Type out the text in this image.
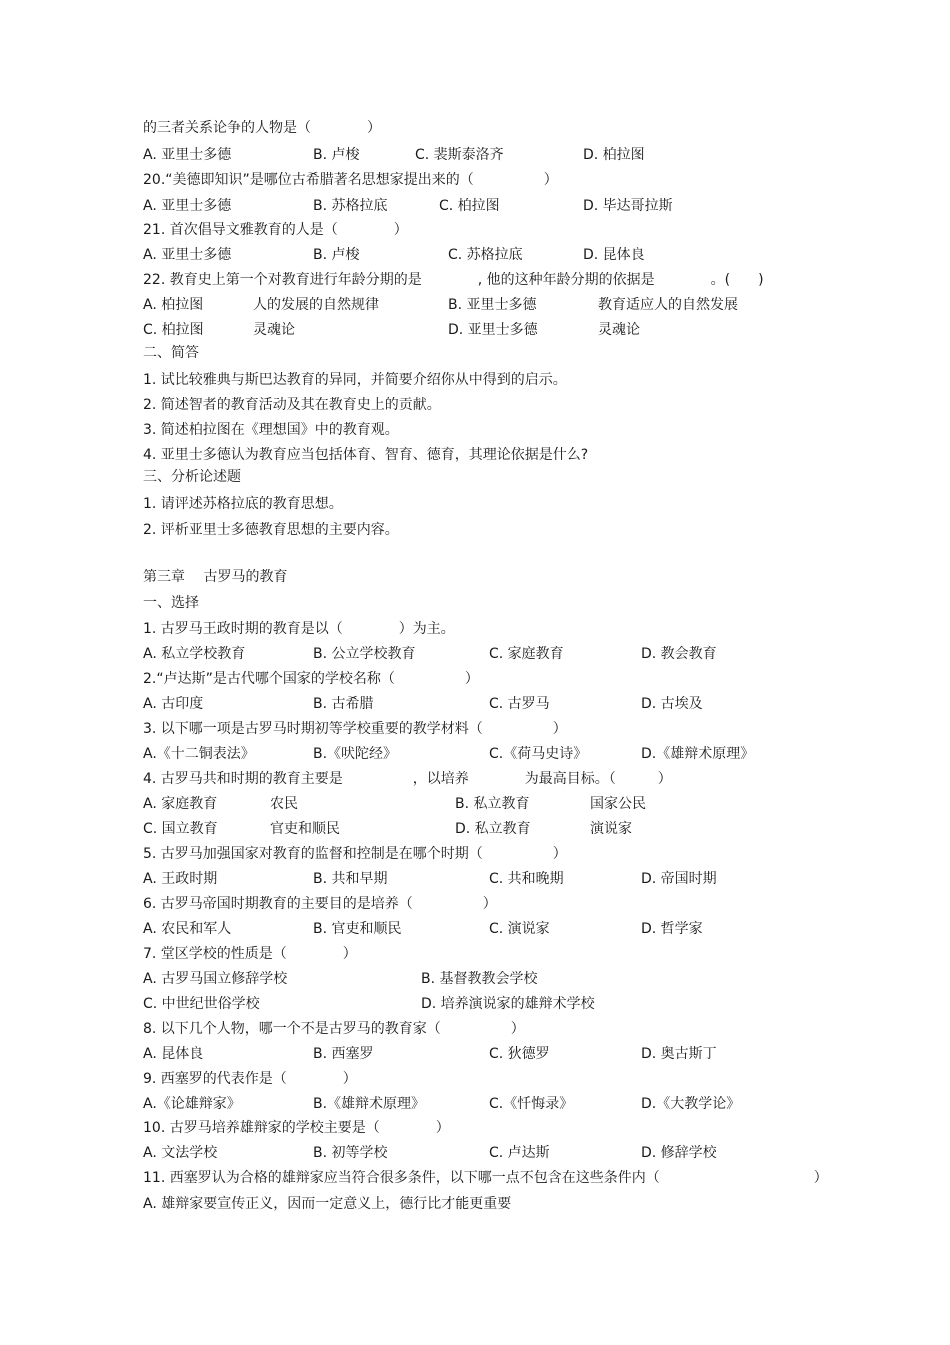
的三者关系论争的人物是（　　　　）
A. 亚里士多德	B. 卢梭	C. 裴斯泰洛齐	D. 柏拉图
20.“美德即知识”是哪位古希腊著名思想家提出来的（　　　　　）
A. 亚里士多德	B. 苏格拉底	C. 柏拉图	D. 毕达哥拉斯
21. 首次倡导文雅教育的人是（　　　　）
A. 亚里士多德	B. 卢梭	C. 苏格拉底	D. 昆体良
22. 教育史上第一个对教育进行年龄分期的是　　　　, 他的这种年龄分期的依据是　　　　。(　　)
A. 柏拉图	人的发展的自然规律	B. 亚里士多德	教育适应人的自然发展
C. 柏拉图	灵魂论	D. 亚里士多德	灵魂论
二、简答
1. 试比较雅典与斯巴达教育的异同，并简要介绍你从中得到的启示。
2. 简述智者的教育活动及其在教育史上的贡献。
3. 简述柏拉图在《理想国》中的教育观。
4. 亚里士多德认为教育应当包括体育、智育、德育，其理论依据是什么?
三、分析论述题
1. 请评述苏格拉底的教育思想。
2. 评析亚里士多德教育思想的主要内容。
第三章　 古罗马的教育
一、选择
1. 古罗马王政时期的教育是以（　　　　）为主。
A. 私立学校教育	B. 公立学校教育	C. 家庭教育	D. 教会教育
2.“卢达斯”是古代哪个国家的学校名称（　　　　　）
A. 古印度	B. 古希腊	C. 古罗马	D. 古埃及
3. 以下哪一项是古罗马时期初等学校重要的教学材料（　　　　　）
A.《十二铜表法》	B.《吠陀经》	C.《荷马史诗》	D.《雄辩术原理》
4. 古罗马共和时期的教育主要是　　　　　，以培养　　　　为最高目标。（　　　）
A. 家庭教育	农民	B. 私立教育	国家公民
C. 国立教育	官吏和顺民	D. 私立教育	演说家
5. 古罗马加强国家对教育的监督和控制是在哪个时期（　　　　　）
A. 王政时期	B. 共和早期	C. 共和晚期	D. 帝国时期
6. 古罗马帝国时期教育的主要目的是培养（　　　　　）
A. 农民和军人	B. 官吏和顺民	C. 演说家	D. 哲学家
7. 堂区学校的性质是（　　　　）
A. 古罗马国立修辞学校	B. 基督教教会学校
C. 中世纪世俗学校	D. 培养演说家的雄辩术学校
8. 以下几个人物，哪一个不是古罗马的教育家（　　　　　）
A. 昆体良	B. 西塞罗	C. 狄德罗	D. 奥古斯丁
9. 西塞罗的代表作是（　　　　）
A.《论雄辩家》	B.《雄辩术原理》	C.《忏悔录》	D.《大教学论》
10. 古罗马培养雄辩家的学校主要是（　　　　）
A. 文法学校	B. 初等学校	C. 卢达斯	D. 修辞学校
11. 西塞罗认为合格的雄辩家应当符合很多条件，以下哪一点不包含在这些条件内（　　　　　　　　　　　）
A. 雄辩家要宣传正义，因而一定意义上，德行比才能更重要
